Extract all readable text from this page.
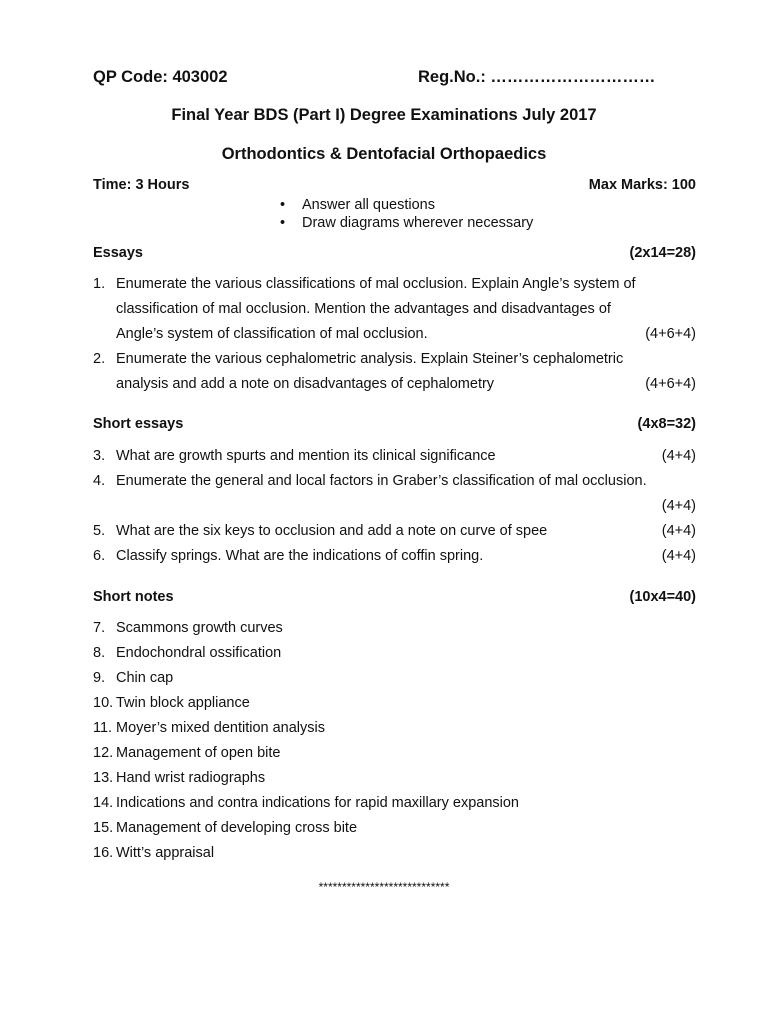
QP Code: 403002	Reg.No.: …………………………
Final Year BDS (Part I) Degree Examinations July 2017
Orthodontics & Dentofacial Orthopaedics
Time: 3 Hours	Max Marks: 100
•	Answer all questions
•	Draw diagrams wherever necessary
Essays	(2x14=28)
1. Enumerate the various classifications of mal occlusion. Explain Angle’s system of
classification of mal occlusion. Mention the advantages and disadvantages of
Angle’s system of classification of mal occlusion.	(4+6+4)
2. Enumerate the various cephalometric analysis. Explain Steiner’s cephalometric
analysis and add a note on disadvantages of cephalometry	(4+6+4)
Short essays	(4x8=32)
3. What are growth spurts and mention its clinical significance	(4+4)
4. Enumerate the general and local factors in Graber’s classification of mal occlusion.
(4+4)
5. What are the six keys to occlusion and add a note on curve of spee	(4+4)
6. Classify springs. What are the indications of coffin spring.	(4+4)
Short notes	(10x4=40)
7. Scammons growth curves
8. Endochondral ossification
9. Chin cap
10. Twin block appliance
11. Moyer’s mixed dentition analysis
12. Management of open bite
13. Hand wrist radiographs
14. Indications and contra indications for rapid maxillary expansion
15. Management of developing cross bite
16. Witt’s appraisal
****************************
